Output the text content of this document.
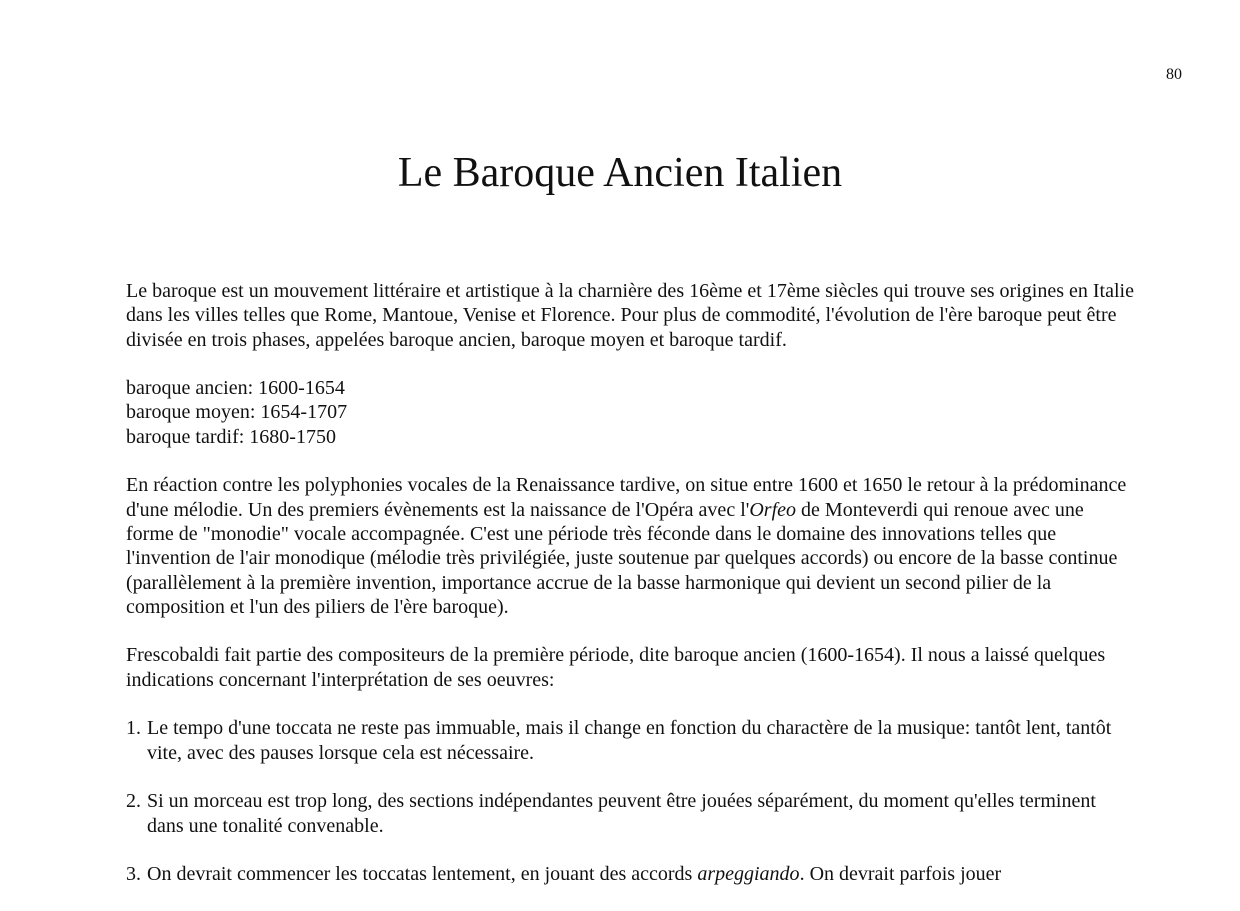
80
Le Baroque Ancien Italien

Le baroque est un mouvement littéraire et artistique à la charnière des 16ème et 17ème siècles qui trouve ses origines en Italie dans les villes telles que Rome, Mantoue, Venise et Florence. Pour plus de commodité, l'évolution de l'ère baroque peut être divisée en trois phases, appelées baroque ancien, baroque moyen et baroque tardif.

baroque ancien: 1600-1654
baroque moyen: 1654-1707
baroque tardif: 1680-1750

En réaction contre les polyphonies vocales de la Renaissance tardive, on situe entre 1600 et 1650 le retour à la prédominance d'une mélodie. Un des premiers évènements est la naissance de l'Opéra avec l'Orfeo de Monteverdi qui renoue avec une forme de "monodie" vocale accompagnée. C'est une période très féconde dans le domaine des innovations telles que l'invention de l'air monodique (mélodie très privilégiée, juste soutenue par quelques accords) ou encore de la basse continue (parallèlement à la première invention, importance accrue de la basse harmonique qui devient un second pilier de la composition et l'un des piliers de l'ère baroque).

Frescobaldi fait partie des compositeurs de la première période, dite baroque ancien (1600-1654). Il nous a laissé quelques indications concernant l'interprétation de ses oeuvres:

1. Le tempo d'une toccata ne reste pas immuable, mais il change en fonction du charactère de la musique: tantôt lent, tantôt vite, avec des pauses lorsque cela est nécessaire.
2. Si un morceau est trop long, des sections indépendantes peuvent être jouées séparément, du moment qu'elles terminent dans une tonalité convenable.
3. On devrait commencer les toccatas lentement, en jouant des accords arpeggiando. On devrait parfois jouer
